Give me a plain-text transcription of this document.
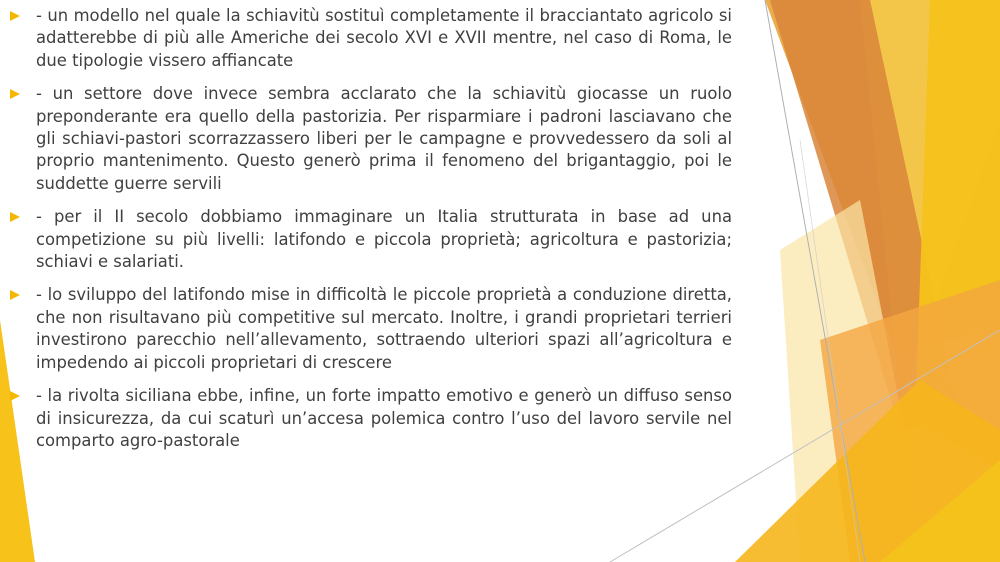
- un modello nel quale la schiavitù sostituì completamente il bracciantato agricolo si adatterebbe di più alle Americhe dei secolo XVI e XVII mentre, nel caso di Roma, le due tipologie vissero affiancate
- un settore dove invece sembra acclarato che la schiavitù giocasse un ruolo preponderante era quello della pastorizia. Per risparmiare i padroni lasciavano che gli schiavi-pastori scorrazzassero liberi per le campagne e provvedessero da soli al proprio mantenimento. Questo generò prima il fenomeno del brigantaggio, poi le suddette guerre servili
- per il II secolo dobbiamo immaginare un Italia strutturata in base ad una competizione su più livelli: latifondo e piccola proprietà; agricoltura e pastorizia; schiavi e salariati.
- lo sviluppo del latifondo mise in difficoltà le piccole proprietà a conduzione diretta, che non risultavano più competitive sul mercato. Inoltre, i grandi proprietari terrieri investirono parecchio nell’allevamento, sottraendo ulteriori spazi all’agricoltura e impedendo ai piccoli proprietari di crescere
- la rivolta siciliana ebbe, infine, un forte impatto emotivo e generò un diffuso senso di insicurezza, da cui scaturì un’accesa polemica contro l’uso del lavoro servile nel comparto agro-pastorale
